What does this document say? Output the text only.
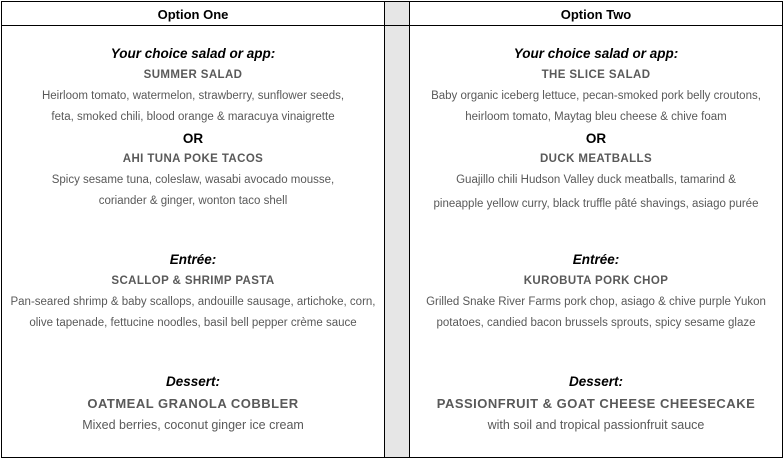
Option One
Your choice salad or app:
SUMMER SALAD
Heirloom tomato, watermelon, strawberry, sunflower seeds,
feta, smoked chili, blood orange & maracuya vinaigrette
OR
AHI TUNA POKE TACOS
Spicy sesame tuna, coleslaw, wasabi avocado mousse,
coriander & ginger, wonton taco shell
Entrée:
SCALLOP & SHRIMP PASTA
Pan-seared shrimp & baby scallops, andouille sausage, artichoke, corn,
olive tapenade, fettucine noodles, basil bell pepper crème sauce
Dessert:
OATMEAL GRANOLA COBBLER
Mixed berries, coconut ginger ice cream
Option Two
Your choice salad or app:
THE SLICE SALAD
Baby organic iceberg lettuce, pecan-smoked pork belly croutons,
heirloom tomato, Maytag bleu cheese & chive foam
OR
DUCK MEATBALLS
Guajillo chili Hudson Valley duck meatballs, tamarind &
pineapple yellow curry, black truffle pâté shavings, asiago purée
Entrée:
KUROBUTA PORK CHOP
Grilled Snake River Farms pork chop, asiago & chive purple Yukon
potatoes, candied bacon brussels sprouts, spicy sesame glaze
Dessert:
PASSIONFRUIT & GOAT CHEESE CHEESECAKE
with soil and tropical passionfruit sauce
